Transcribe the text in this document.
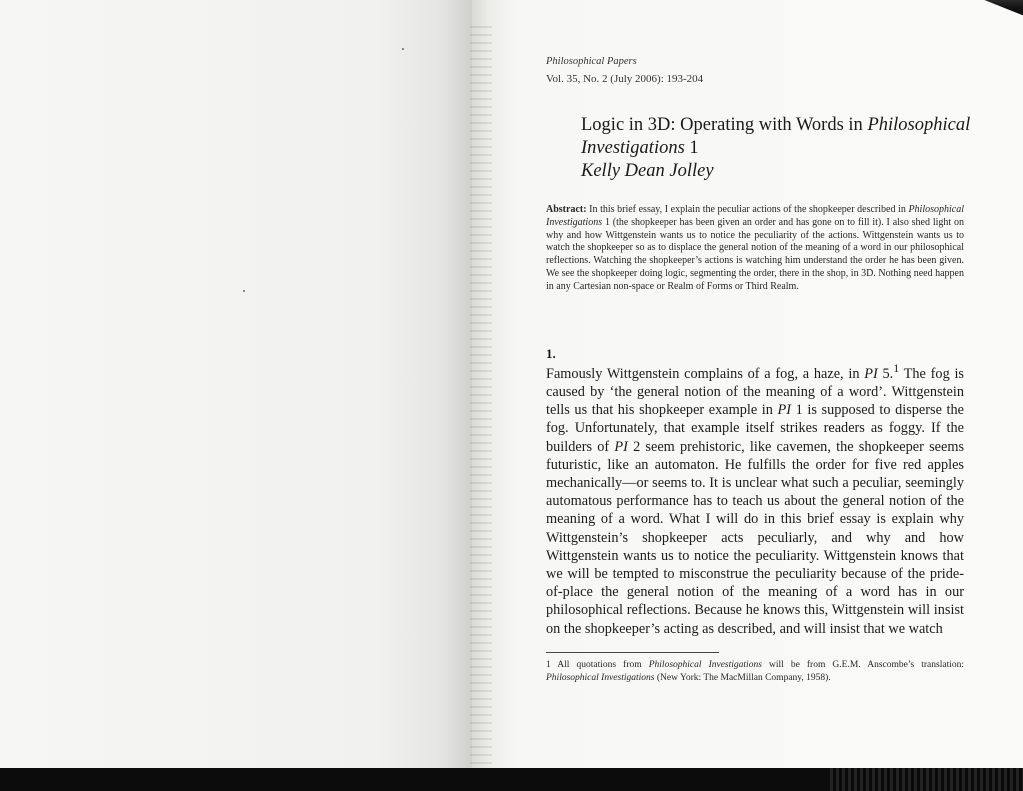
Philosophical Papers
Vol. 35, No. 2 (July 2006): 193-204
Logic in 3D: Operating with Words in Philosophical Investigations 1
Kelly Dean Jolley
Abstract: In this brief essay, I explain the peculiar actions of the shopkeeper described in Philosophical Investigations 1 (the shopkeeper has been given an order and has gone on to fill it). I also shed light on why and how Wittgenstein wants us to notice the peculiarity of the actions. Wittgenstein wants us to watch the shopkeeper so as to displace the general notion of the meaning of a word in our philosophical reflections. Watching the shopkeeper’s actions is watching him understand the order he has been given. We see the shopkeeper doing logic, segmenting the order, there in the shop, in 3D. Nothing need happen in any Cartesian non-space or Realm of Forms or Third Realm.
1.
Famously Wittgenstein complains of a fog, a haze, in PI 5.$^1$ The fog is caused by ‘the general notion of the meaning of a word’. Wittgenstein tells us that his shopkeeper example in PI 1 is supposed to disperse the fog. Unfortunately, that example itself strikes readers as foggy. If the builders of PI 2 seem prehistoric, like cavemen, the shopkeeper seems futuristic, like an automaton. He fulfills the order for five red apples mechanically—or seems to. It is unclear what such a peculiar, seemingly automatous performance has to teach us about the general notion of the meaning of a word. What I will do in this brief essay is explain why Wittgenstein’s shopkeeper acts peculiarly, and why and how Wittgenstein wants us to notice the peculiarity. Wittgenstein knows that we will be tempted to misconstrue the peculiarity because of the pride-of-place the general notion of the meaning of a word has in our philosophical reflections. Because he knows this, Wittgenstein will insist on the shopkeeper’s acting as described, and will insist that we watch
1 All quotations from Philosophical Investigations will be from G.E.M. Anscombe’s translation: Philosophical Investigations (New York: The MacMillan Company, 1958).
